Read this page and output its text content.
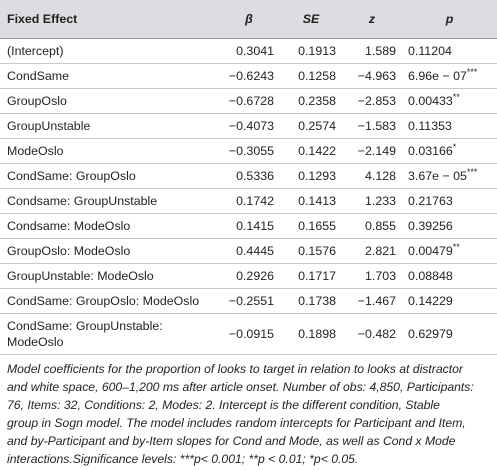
Fixed Effect	β	SE	z	p
(Intercept)	0.3041	0.1913	1.589	0.11204
CondSame	−0.6243	0.1258	−4.963	6.96e − 07***
GroupOslo	−0.6728	0.2358	−2.853	0.00433**
GroupUnstable	−0.4073	0.2574	−1.583	0.11353
ModeOslo	−0.3055	0.1422	−2.149	0.03166*
CondSame: GroupOslo	0.5336	0.1293	4.128	3.67e − 05***
Condsame: GroupUnstable	0.1742	0.1413	1.233	0.21763
Condsame: ModeOslo	0.1415	0.1655	0.855	0.39256
GroupOslo: ModeOslo	0.4445	0.1576	2.821	0.00479**
GroupUnstable: ModeOslo	0.2926	0.1717	1.703	0.08848
CondSame: GroupOslo: ModeOslo	−0.2551	0.1738	−1.467	0.14229
CondSame: GroupUnstable: ModeOslo	−0.0915	0.1898	−0.482	0.62979
Model coefficients for the proportion of looks to target in relation to looks at distractor
and white space, 600–1,200 ms after article onset. Number of obs: 4,850, Participants:
76, Items: 32, Conditions: 2, Modes: 2. Intercept is the different condition, Stable
group in Sogn model. The model includes random intercepts for Participant and Item,
and by-Participant and by-Item slopes for Cond and Mode, as well as Cond x Mode
interactions.Significance levels: ***p< 0.001; **p < 0.01; *p< 0.05.
